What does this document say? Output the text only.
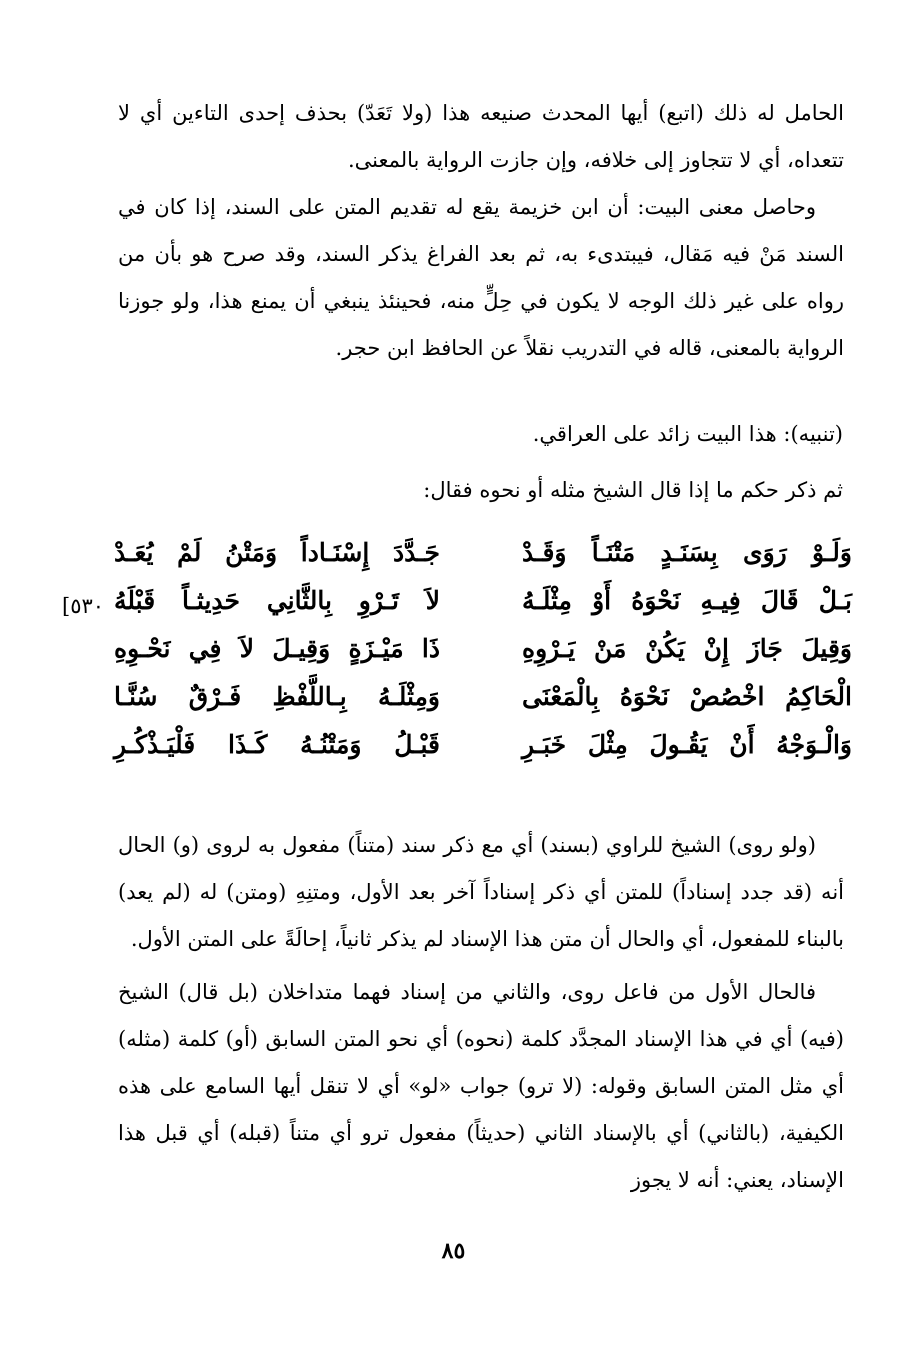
الحامل له ذلك (اتبع) أيها المحدث صنيعه هذا (ولا تَعَدّ) بحذف إحدى التاءين أي لا تتعداه، أي لا تتجاوز إلى خلافه، وإن جازت الرواية بالمعنى.

وحاصل معنى البيت: أن ابن خزيمة يقع له تقديم المتن على السند، إذا كان في السند مَنْ فيه مَقال، فيبتدىء به، ثم بعد الفراغ يذكر السند، وقد صرح هو بأن من رواه على غير ذلك الوجه لا يكون في حِلٍّ منه، فحينئذ ينبغي أن يمنع هذا، ولو جوزنا الرواية بالمعنى، قاله في التدريب نقلاً عن الحافظ ابن حجر.

(تنبيه): هذا البيت زائد على العراقي.
ثم ذكر حكم ما إذا قال الشيخ مثله أو نحوه فقال:
[٥٣٠
وَلَـوْ رَوَى بِسَنَـدٍ مَتْنَـاً وَقَـدْ
جَـدَّدَ إِسْنَـاداً وَمَتْنُ لَمْ يُعَـدْ
بَـلْ قَالَ فِيـهِ نَحْوَهُ أَوْ مِثْلَـهُ
لاَ تَـرْوِ بِالثَّانِي حَدِيثـاً قَبْلَهُ
وَقِيلَ جَازَ إِنْ يَكُنْ مَنْ يَـرْوِهِ
ذَا مَيْـزَةٍ وَقِيـلَ لاَ فِي نَحْـوِهِ
الْحَاكِمُ اخْصُصْ نَحْوَهُ بِالْمَعْنَى
وَمِثْلَـهُ بِـاللَّفْظِ فَـرْقٌ سُنَّـا
وَالْـوَجْهُ أَنْ يَقُـولَ مِثْلَ خَبَـرِ
قَبْـلُ وَمَتْنُـهُ كَـذَا فَلْيَـذْكُـرِ

(ولو روى) الشيخ للراوي (بسند) أي مع ذكر سند (متناً) مفعول به لروى (و) الحال أنه (قد جدد إسناداً) للمتن أي ذكر إسناداً آخر بعد الأول، ومتنِهِ (ومتن) له (لم يعد) بالبناء للمفعول، أي والحال أن متن هذا الإسناد لم يذكر ثانياً، إحالَةً على المتن الأول.

فالحال الأول من فاعل روى، والثاني من إسناد فهما متداخلان (بل قال) الشيخ (فيه) أي في هذا الإسناد المجدَّد كلمة (نحوه) أي نحو المتن السابق (أو) كلمة (مثله) أي مثل المتن السابق وقوله: (لا ترو) جواب «لو» أي لا تنقل أيها السامع على هذه الكيفية، (بالثاني) أي بالإسناد الثاني (حديثاً) مفعول ترو أي متناً (قبله) أي قبل هذا الإسناد، يعني: أنه لا يجوز

٨٥
